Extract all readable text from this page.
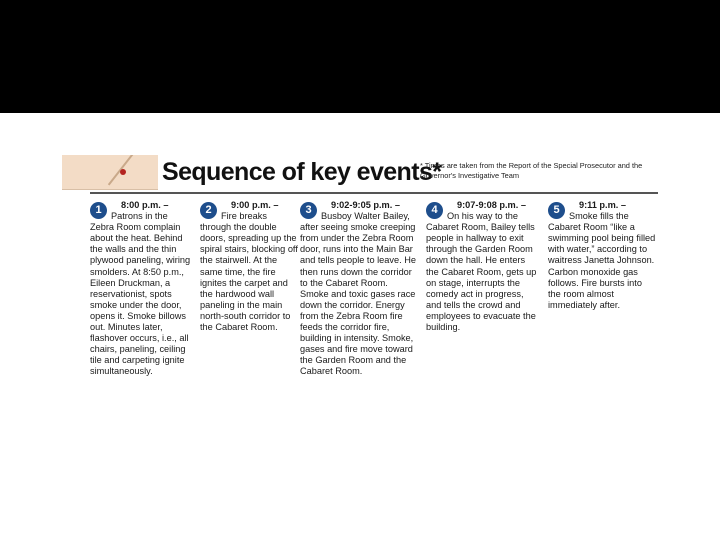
Sequence of key events*
* Times are taken from the Report of the Special Prosecutor and the Governor's Investigative Team
1	8:00 p.m. –
Patrons in the Zebra Room complain about the heat. Behind the walls and the thin plywood paneling, wiring smolders. At 8:50 p.m., Eileen Druckman, a reservationist, spots smoke under the door, opens it. Smoke billows out. Minutes later, flashover occurs, i.e., all chairs, paneling, ceiling tile and carpeting ignite simultaneously.
2	9:00 p.m. –
Fire breaks through the double doors, spreading up the spiral stairs, blocking off the stairwell. At the same time, the fire ignites the carpet and the hardwood wall paneling in the main north-south corridor to the Cabaret Room.
3	9:02-9:05 p.m. –
Busboy Walter Bailey, after seeing smoke creeping from under the Zebra Room door, runs into the Main Bar and tells people to leave. He then runs down the corridor to the Cabaret Room. Smoke and toxic gases race down the corridor. Energy from the Zebra Room fire feeds the corridor fire, building in intensity. Smoke, gases and fire move toward the Garden Room and the Cabaret Room.
4	9:07-9:08 p.m. –
On his way to the Cabaret Room, Bailey tells people in hallway to exit through the Garden Room down the hall. He enters the Cabaret Room, gets up on stage, interrupts the comedy act in progress, and tells the crowd and employees to evacuate the building.
5	9:11 p.m. –
Smoke fills the Cabaret Room “like a swimming pool being filled with water,” according to waitress Janetta Johnson. Carbon monoxide gas follows. Fire bursts into the room almost immediately after.
